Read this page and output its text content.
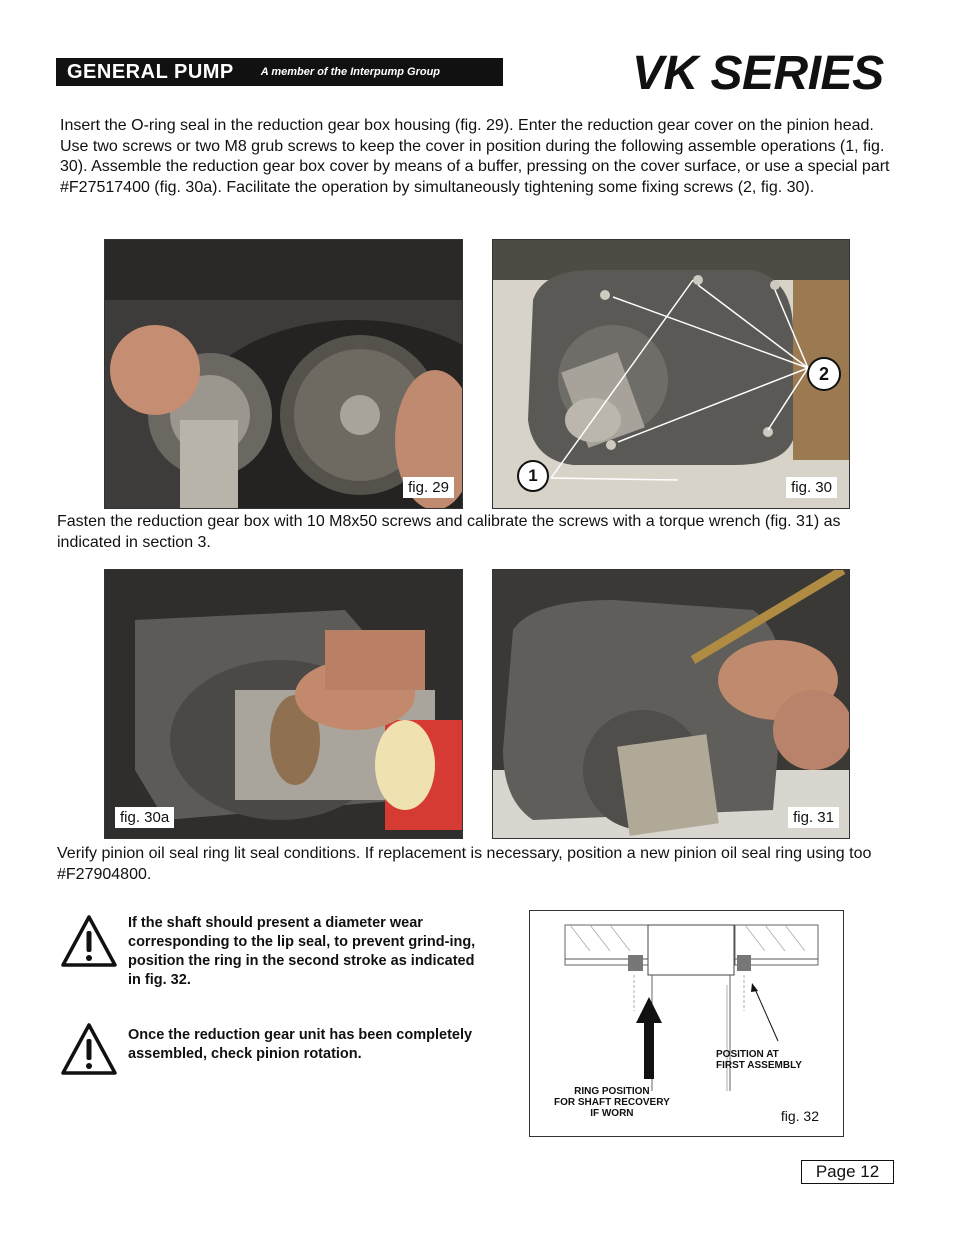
GENERAL PUMP A member of the Interpump Group	VK SERIES

Insert the O-ring seal in the reduction gear box housing (fig. 29). Enter the reduction gear cover on the pinion head. Use two screws or two M8 grub screws to keep the cover in position during the following assemble operations (1, fig. 30). Assemble the reduction gear box cover by means of a buffer, pressing on the cover surface, or use a special part #F27517400 (fig. 30a). Facilitate the operation by simultaneously tightening some fixing screws (2, fig. 30).

fig. 29
1
2
fig. 30

Fasten the reduction gear box with 10 M8x50 screws and calibrate the screws with a torque wrench (fig. 31) as indicated in section 3.

fig. 30a	fig. 31

Verify pinion oil seal ring lit seal conditions. If replacement is necessary, position a new pinion oil seal ring using too #F27904800.

If the shaft should present a diameter wear corresponding to the lip seal, to prevent grind-ing, position the ring in the second stroke as indicated in fig. 32.
Once the reduction gear unit has been completely assembled, check pinion rotation.	POSITION AT
FIRST ASSEMBLY
RING POSITION
FOR SHAFT RECOVERY
IF WORN	fig. 32
Page 12
